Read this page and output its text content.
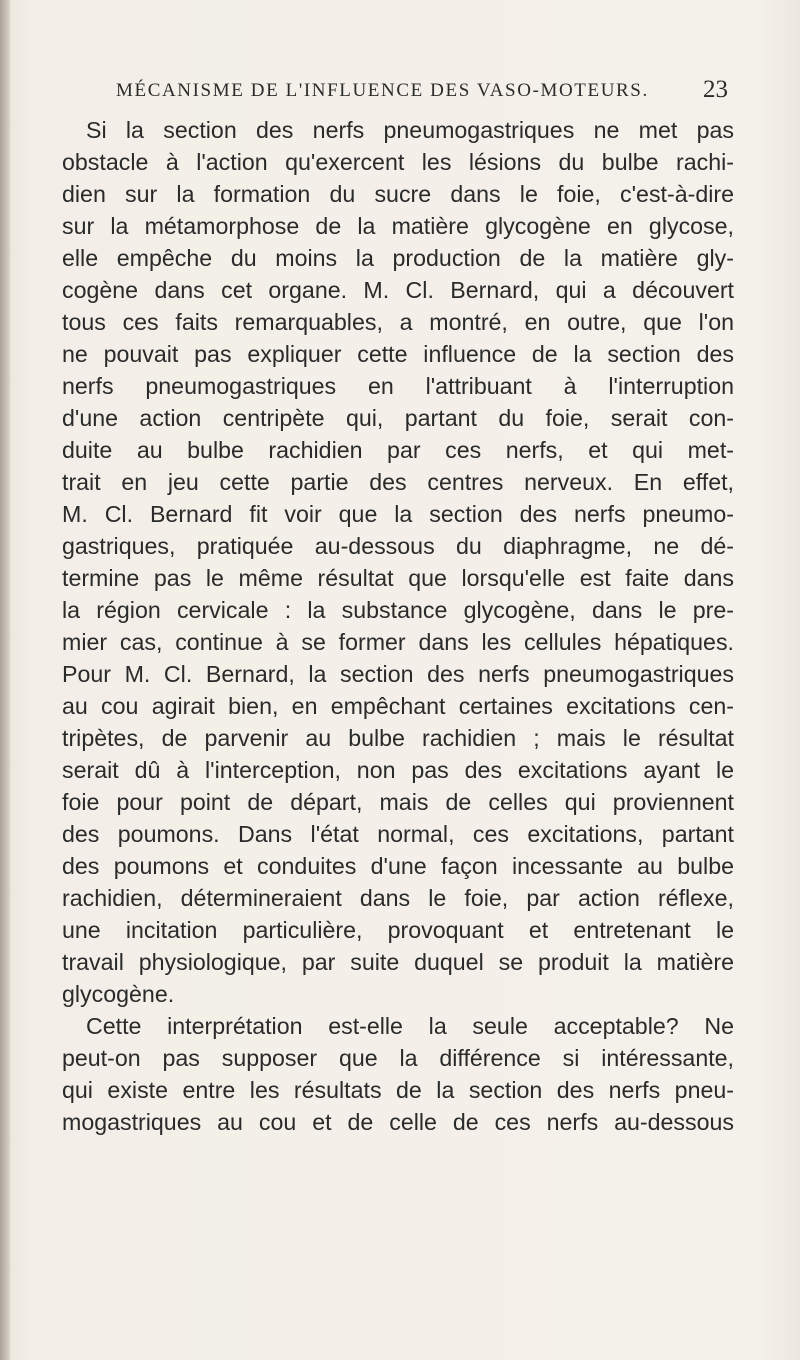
MÉCANISME DE L'INFLUENCE DES VASO-MOTEURS. 23
Si la section des nerfs pneumogastriques ne met pas
obstacle à l'action qu'exercent les lésions du bulbe rachi-
dien sur la formation du sucre dans le foie, c'est-à-dire
sur la métamorphose de la matière glycogène en glycose,
elle empêche du moins la production de la matière gly-
cogène dans cet organe. M. Cl. Bernard, qui a découvert
tous ces faits remarquables, a montré, en outre, que l'on
ne pouvait pas expliquer cette influence de la section des
nerfs pneumogastriques en l'attribuant à l'interruption
d'une action centripète qui, partant du foie, serait con-
duite au bulbe rachidien par ces nerfs, et qui met-
trait en jeu cette partie des centres nerveux. En effet,
M. Cl. Bernard fit voir que la section des nerfs pneumo-
gastriques, pratiquée au-dessous du diaphragme, ne dé-
termine pas le même résultat que lorsqu'elle est faite dans
la région cervicale : la substance glycogène, dans le pre-
mier cas, continue à se former dans les cellules hépatiques.
Pour M. Cl. Bernard, la section des nerfs pneumogastriques
au cou agirait bien, en empêchant certaines excitations cen-
tripètes, de parvenir au bulbe rachidien ; mais le résultat
serait dû à l'interception, non pas des excitations ayant le
foie pour point de départ, mais de celles qui proviennent
des poumons. Dans l'état normal, ces excitations, partant
des poumons et conduites d'une façon incessante au bulbe
rachidien, détermineraient dans le foie, par action réflexe,
une incitation particulière, provoquant et entretenant le
travail physiologique, par suite duquel se produit la matière
glycogène.
Cette interprétation est-elle la seule acceptable? Ne
peut-on pas supposer que la différence si intéressante,
qui existe entre les résultats de la section des nerfs pneu-
mogastriques au cou et de celle de ces nerfs au-dessous
